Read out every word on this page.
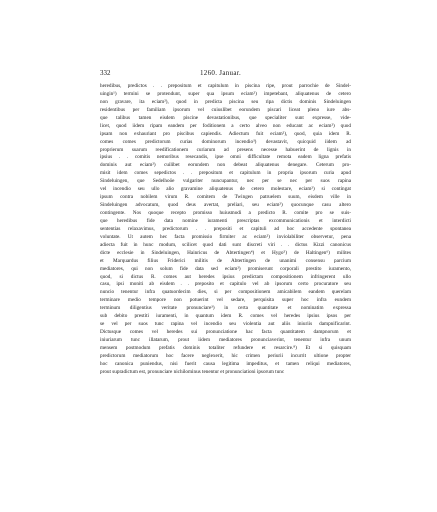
332	1260. Januar.
heredibus, predictos . . prepositum et capitulum in piscina ripe, prout parrochie de Sindel-
uingin¹) termini se protendunt, super qua ipsum eciam²) impetebant, aliquatenus de cetero
non gravare, ita eciam²), quod in predicta piscina seu ripa dictis dominis Sindeluingen
residentibus per familiam ipsorum vel cuiuslibet eorundem piscari liceat pleno iure abs-
que talibus tamen eisdem piscine devastationibus, que specialiter sunt expresse, vide-
licet, quod iidem ripam eandem per foditionem a certo alveo non educant ac eciam²) quod
ipsam non exhauriant pro piscibus capiendis. Adiectum fuit eciam²), quod, quia idem R.
comes comes predictorum curias dominorum incendio³) devastavit, quicquid iidem ad
proprierum suarum reedificationem curiarum ad presens necesse habuerint de lignis in
ipsius . . comitis nemoribus resecandis, ipse omni difficultate remota eadem ligna prefatis
dominis aut eciam²) cuilibet eorundem non debeat aliquatenus denegare. Ceterum pro-
misit idem comes sepedictos . . prepositum et capitulum in propria ipsorum curia apud
Sindeluingen, que Sedelhoöe vulgariter nuncupantur, nec per se nec per suos rapina
vel incendio seu ullo alio gravamine aliquatenus de cetero molestare, eciam²) si contingat
ipsum contra nobilem virum R. comitem de Twingen patruelem suum, eisdem ville in
Sindeluingen advocatum, quod deus avertat, preliari, seu eciam²) quocunque casu altero
contingente. Nos quoque recepto promisso huiusmodi a predicto R. comite pro se suis-
que heredibus fide data nomine iuramenti prescriptas excommunicationis et interdicti
sententias relaxavimus, predictorum . . prepositi et capituli ad hoc accedente spontanea
voluntate. Ut autem hec facta promissio firmiter ac eciam²) inviolabiliter observetur, pena
adiecta fuit in hunc modum, scilicet quod dati sunt discreti viri . . dictus Kizzi canonicus
dicte ecclesie in Sindeluingen, Hainricus de Abtertingen⁴) et Hygo⁵) de Haltingen⁶) milites
et Marquardus filius Friderici militis de Abtertingen de unanimi consensu parcium
mediatores, qui non solum fide data sed eciam²) promiserunt corporali prestito iuramento,
quod, si dictus R. comes aut heredes ipsius predictam compositionem infringerent ullo
casu, ipsi moniti ab eisdem . . preposito et capitulo vel ab ipsorum certo procuratore seu
nuncio tenentur infra quatuordecim dies, si per compositionem amicabilem eandem querelam
terminare medio tempore non potuerint vel sedare, perquisita super hoc infra eundem
terminum diligentius veritate pronunciare³) in certa quantitate et nominatim expressa
sub debito prestiti iuramenti, in quantum idem R. comes vel heredes ipsius ipsos per
se vel per suos tunc rapina vel incendio seu violentia aut aliis iniuriis dampnificarint.
Dictusque comes vel heredes sui pronunciatione hac facta quantitatem dampnorum et
iniuriarum tunc illatarum, prout iidem mediatores pronunciaverint, tenentur infra unum
mensem postmodum prefatis dominis totaliter refundere et resarcire.⁸) Et si quisquam
predictorum mediatorum hoc facere neglexerit, hic crimen periurii incurrit ultione propter
hoc canonica puniendus, nisi fuerit causa legitima impeditus, et tamen reliqui mediatores,
prout supradictum est, pronunciare nichilominus tenentur et pronunciationi ipsorum tunc
